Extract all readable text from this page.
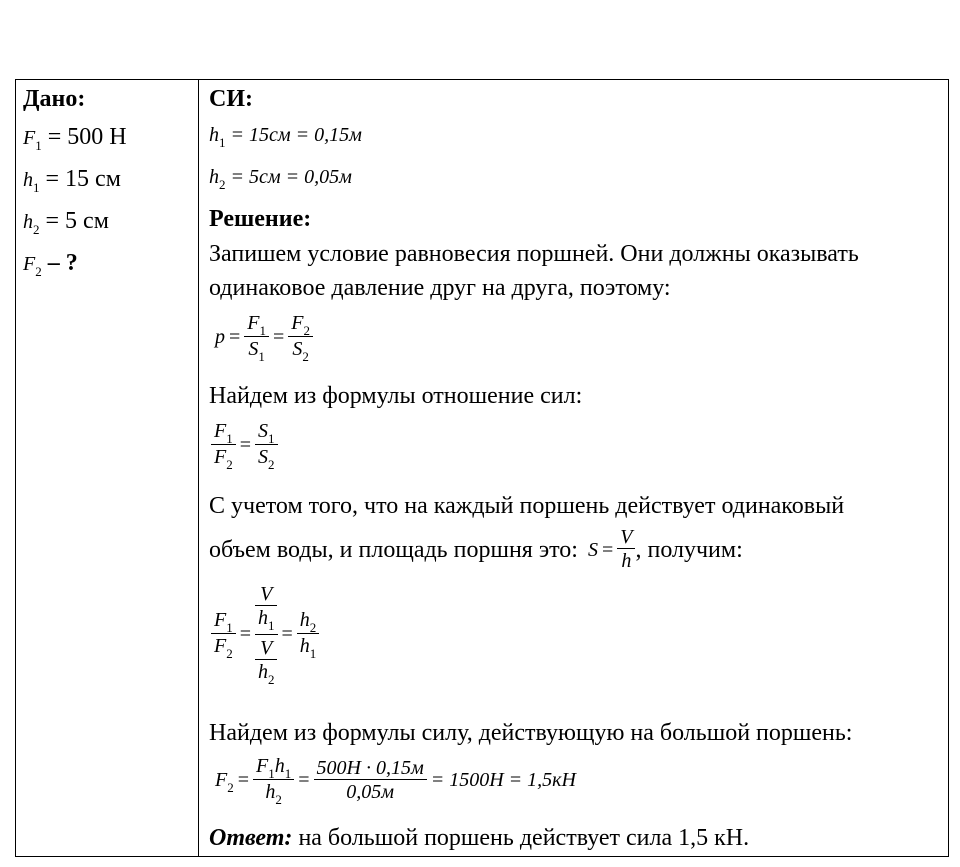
Дано:
$F_1 = 500$ Н
$h_1 = 15$ см
$h_2 = 5$ см
$F_2$ – ?
СИ:
$h_1 = 15см = 0,15м$
$h_2 = 5см = 0,05м$
Решение:
Запишем условие равновесия поршней. Они должны оказывать
одинаковое давление друг на друга, поэтому:
$p = \frac{F_1}{S_1} = \frac{F_2}{S_2}$
Найдем из формулы отношение сил:
$\frac{F_1}{F_2} = \frac{S_1}{S_2}$
С учетом того, что на каждый поршень действует одинаковый
объем воды, и площадь поршня это: $S = \frac{V}{h}$ , получим:
$\frac{F_1}{F_2} = \frac{\frac{V}{h_1}}{\frac{V}{h_2}} = \frac{h_2}{h_1}$
Найдем из формулы силу, действующую на большой поршень:
$F_2 = \frac{F_1h_1}{h_2} = \frac{500Н \cdot 0,15м}{0,05м} = 1500Н = 1,5кН$
Ответ: на большой поршень действует сила 1,5 кН.
